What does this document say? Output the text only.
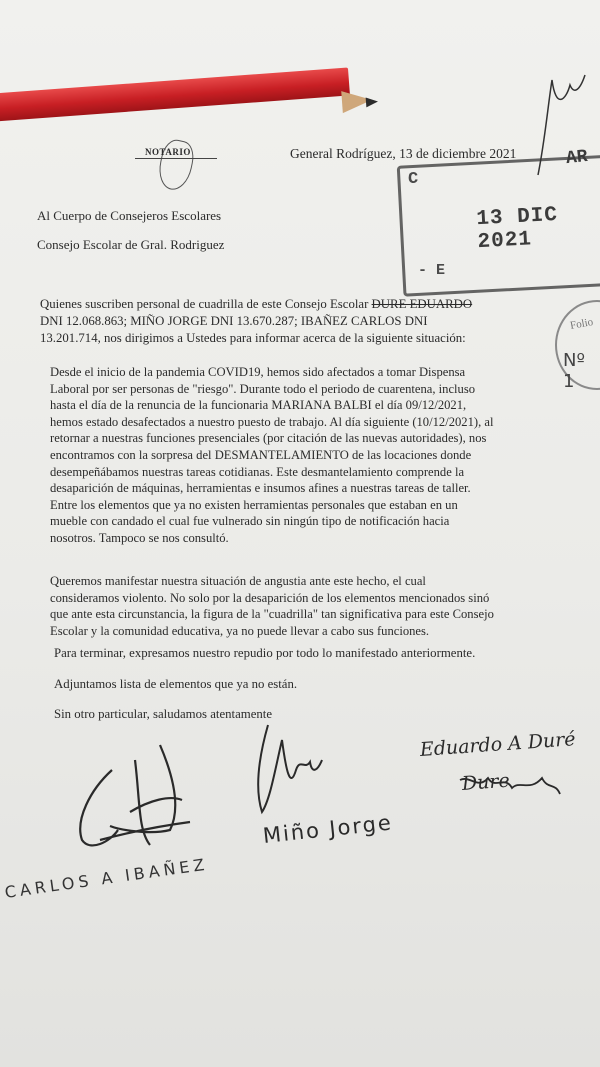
NOTARIO	General Rodríguez, 13 de diciembre 2021
C
- E
13 DIC 2021
AR
Folio
Nº 1
Al Cuerpo de Consejeros Escolares
Consejo Escolar de Gral. Rodriguez
Quienes suscriben personal de cuadrilla de este Consejo Escolar DURE EDUARDO
DNI 12.068.863; MIÑO JORGE DNI 13.670.287; IBAÑEZ CARLOS DNI
13.201.714, nos dirigimos a Ustedes para informar acerca de la siguiente situación:
Desde el inicio de la pandemia COVID19, hemos sido afectados a tomar Dispensa
Laboral por ser personas de "riesgo". Durante todo el periodo de cuarentena, incluso
hasta el día de la renuncia de la funcionaria MARIANA BALBI el día 09/12/2021,
hemos estado desafectados a nuestro puesto de trabajo. Al día siguiente (10/12/2021), al
retornar a nuestras funciones presenciales (por citación de las nuevas autoridades), nos
encontramos con la sorpresa del DESMANTELAMIENTO de las locaciones donde
desempeñábamos nuestras tareas cotidianas. Este desmantelamiento comprende la
desaparición de máquinas, herramientas e insumos afines a nuestras tareas de taller.
Entre los elementos que ya no existen herramientas personales que estaban en un
mueble con candado el cual fue vulnerado sin ningún tipo de notificación hacia
nosotros. Tampoco se nos consultó.
Queremos manifestar nuestra situación de angustia ante este hecho, el cual
consideramos violento. No solo por la desaparición de los elementos mencionados sinó
que ante esta circunstancia, la figura de la "cuadrilla" tan significativa para este Consejo
Escolar y la comunidad educativa, ya no puede llevar a cabo sus funciones.
Para terminar, expresamos nuestro repudio por todo lo manifestado anteriormente.
Adjuntamos lista de elementos que ya no están.
Sin otro particular, saludamos atentamente
CARLOS A IBAÑEZ
Miño Jorge
Eduardo A Duré
Dure
